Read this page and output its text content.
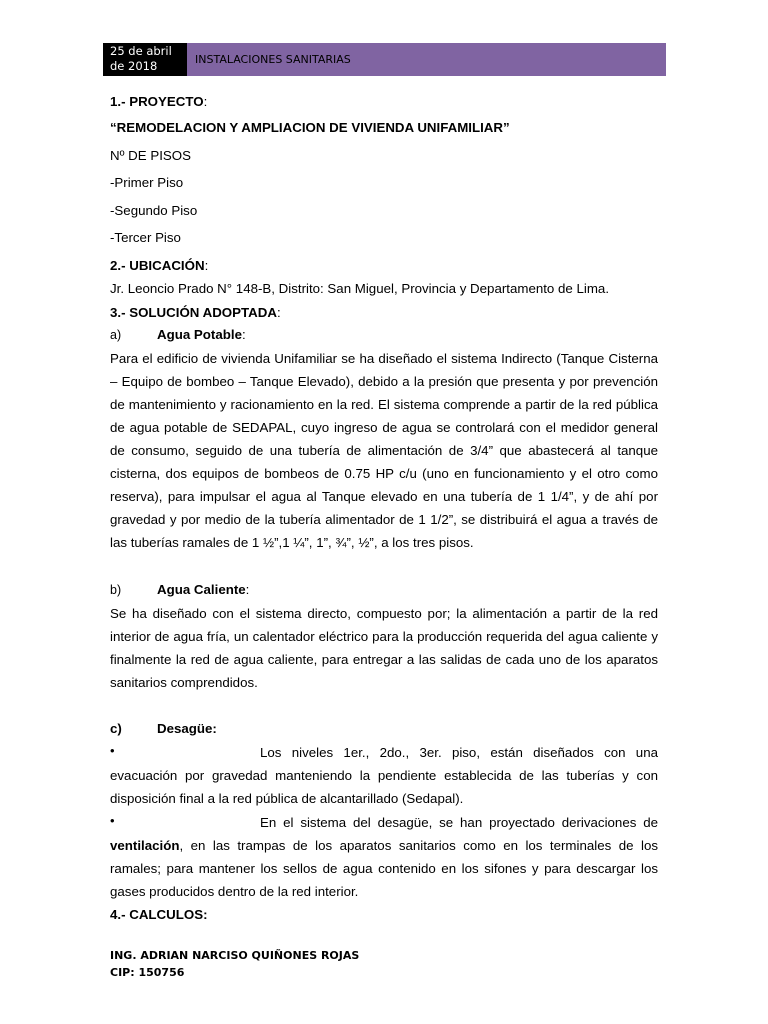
25 de abril
de 2018	INSTALACIONES SANITARIAS
1.- PROYECTO:
“REMODELACION Y AMPLIACION DE VIVIENDA UNIFAMILIAR”
Nº DE PISOS
-Primer Piso
-Segundo Piso
-Tercer Piso
2.- UBICACIÓN:
Jr. Leoncio Prado N° 148-B, Distrito: San Miguel, Provincia y Departamento de Lima.
3.- SOLUCIÓN ADOPTADA:
a)	Agua Potable:
Para el edificio de vivienda Unifamiliar se ha diseñado el sistema Indirecto (Tanque Cisterna – Equipo de bombeo – Tanque Elevado), debido a la presión que presenta y por prevención de mantenimiento y racionamiento en la red. El sistema comprende a partir de la red pública de agua potable de SEDAPAL, cuyo ingreso de agua se controlará con el medidor general de consumo, seguido de una tubería de alimentación de 3/4” que abastecerá al tanque cisterna, dos equipos de bombeos de 0.75 HP c/u (uno en funcionamiento y el otro como reserva), para impulsar el agua al Tanque elevado en una tubería de 1 1/4”, y de ahí por gravedad y por medio de la tubería alimentador de 1 1/2”, se distribuirá el agua a través de las tuberías ramales de 1 ½”,1 ¼”, 1”, ¾”, ½”, a los tres pisos.
b)	Agua Caliente:
Se ha diseñado con el sistema directo, compuesto por; la alimentación a partir de la red interior de agua fría, un calentador eléctrico para la producción requerida del agua caliente y finalmente la red de agua caliente, para entregar a las salidas de cada uno de los aparatos sanitarios comprendidos.
c)	Desagüe:
•	Los niveles 1er., 2do., 3er. piso, están diseñados con una evacuación por gravedad manteniendo la pendiente establecida de las tuberías y con disposición final a la red pública de alcantarillado (Sedapal).
•	En el sistema del desagüe, se han proyectado derivaciones de ventilación, en las trampas de los aparatos sanitarios como en los terminales de los ramales; para mantener los sellos de agua contenido en los sifones y para descargar los gases producidos dentro de la red interior.
4.- CALCULOS:
ING. ADRIAN NARCISO QUIÑONES ROJAS
CIP: 150756
